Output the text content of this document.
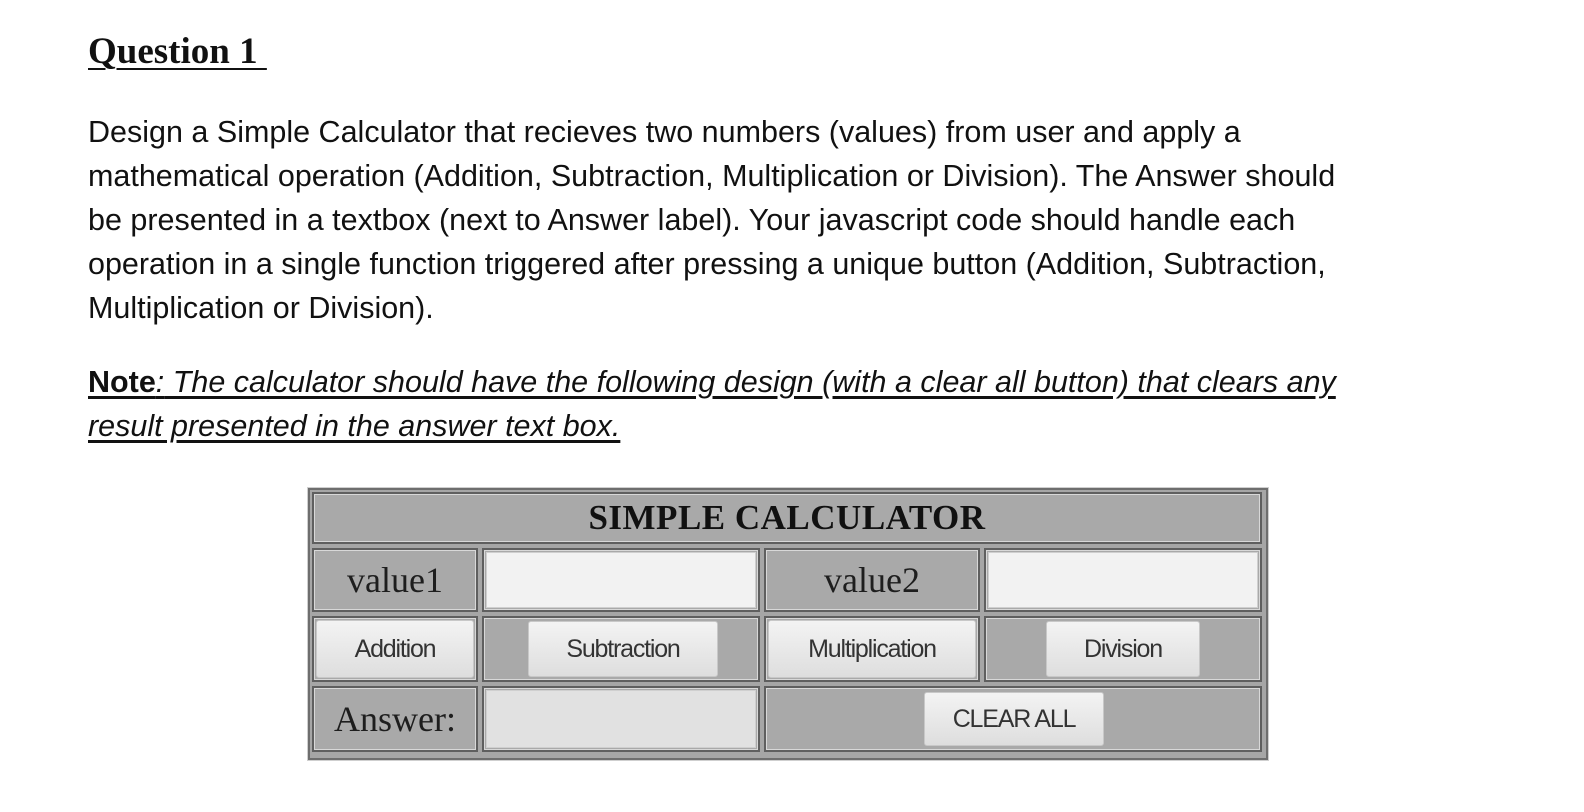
Question 1

Design a Simple Calculator that recieves two numbers (values) from user and apply a
mathematical operation (Addition, Subtraction, Multiplication or Division). The Answer should
be presented in a textbox (next to Answer label). Your javascript code should handle each
operation in a single function triggered after pressing a unique button (Addition, Subtraction,
Multiplication or Division).

Note: The calculator should have the following design (with a clear all button) that clears any
result presented in the answer text box.

SIMPLE CALCULATOR
value1	value2
Addition	Subtraction	Multiplication	Division
Answer:	CLEAR ALL
